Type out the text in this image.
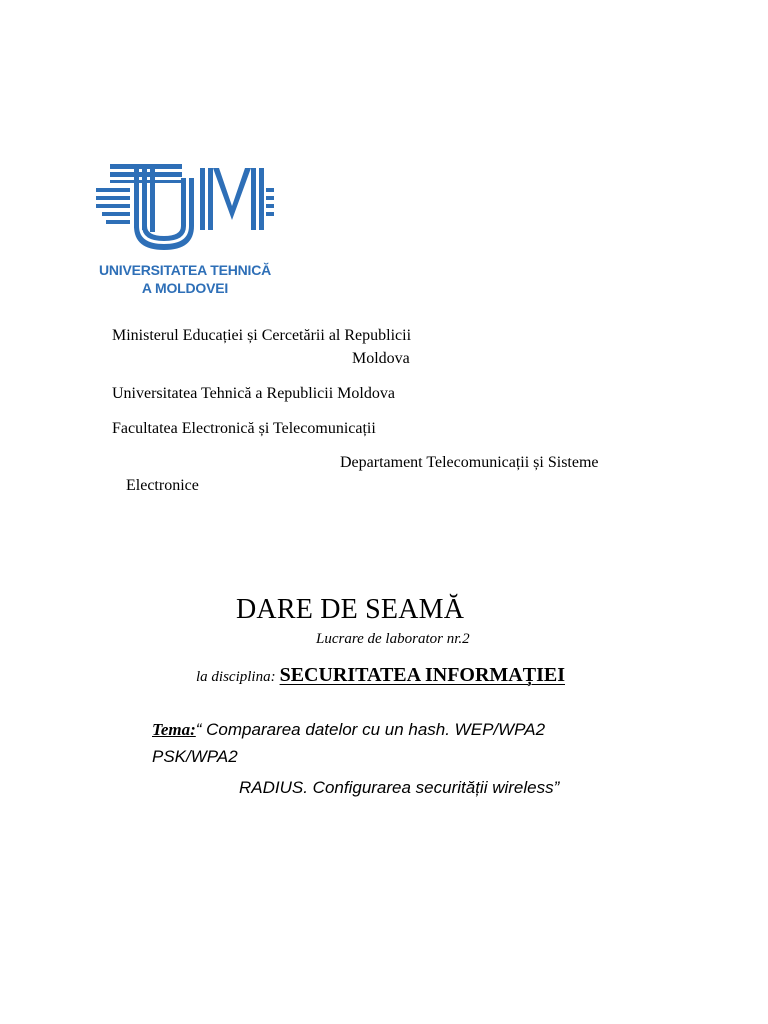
UNIVERSITATEA TEHNICĂ
A MOLDOVEI
Ministerul Educației și Cercetării al Republicii
Moldova
Universitatea Tehnică a Republicii Moldova
Facultatea Electronică și Telecomunicații
Departament Telecomunicații și Sisteme
Electronice
DARE DE SEAMĂ
Lucrare de laborator nr.2
la disciplina: SECURITATEA INFORMAȚIEI
Tema:“ Compararea datelor cu un hash. WEP/WPA2
PSK/WPA2
RADIUS. Configurarea securității wireless”
